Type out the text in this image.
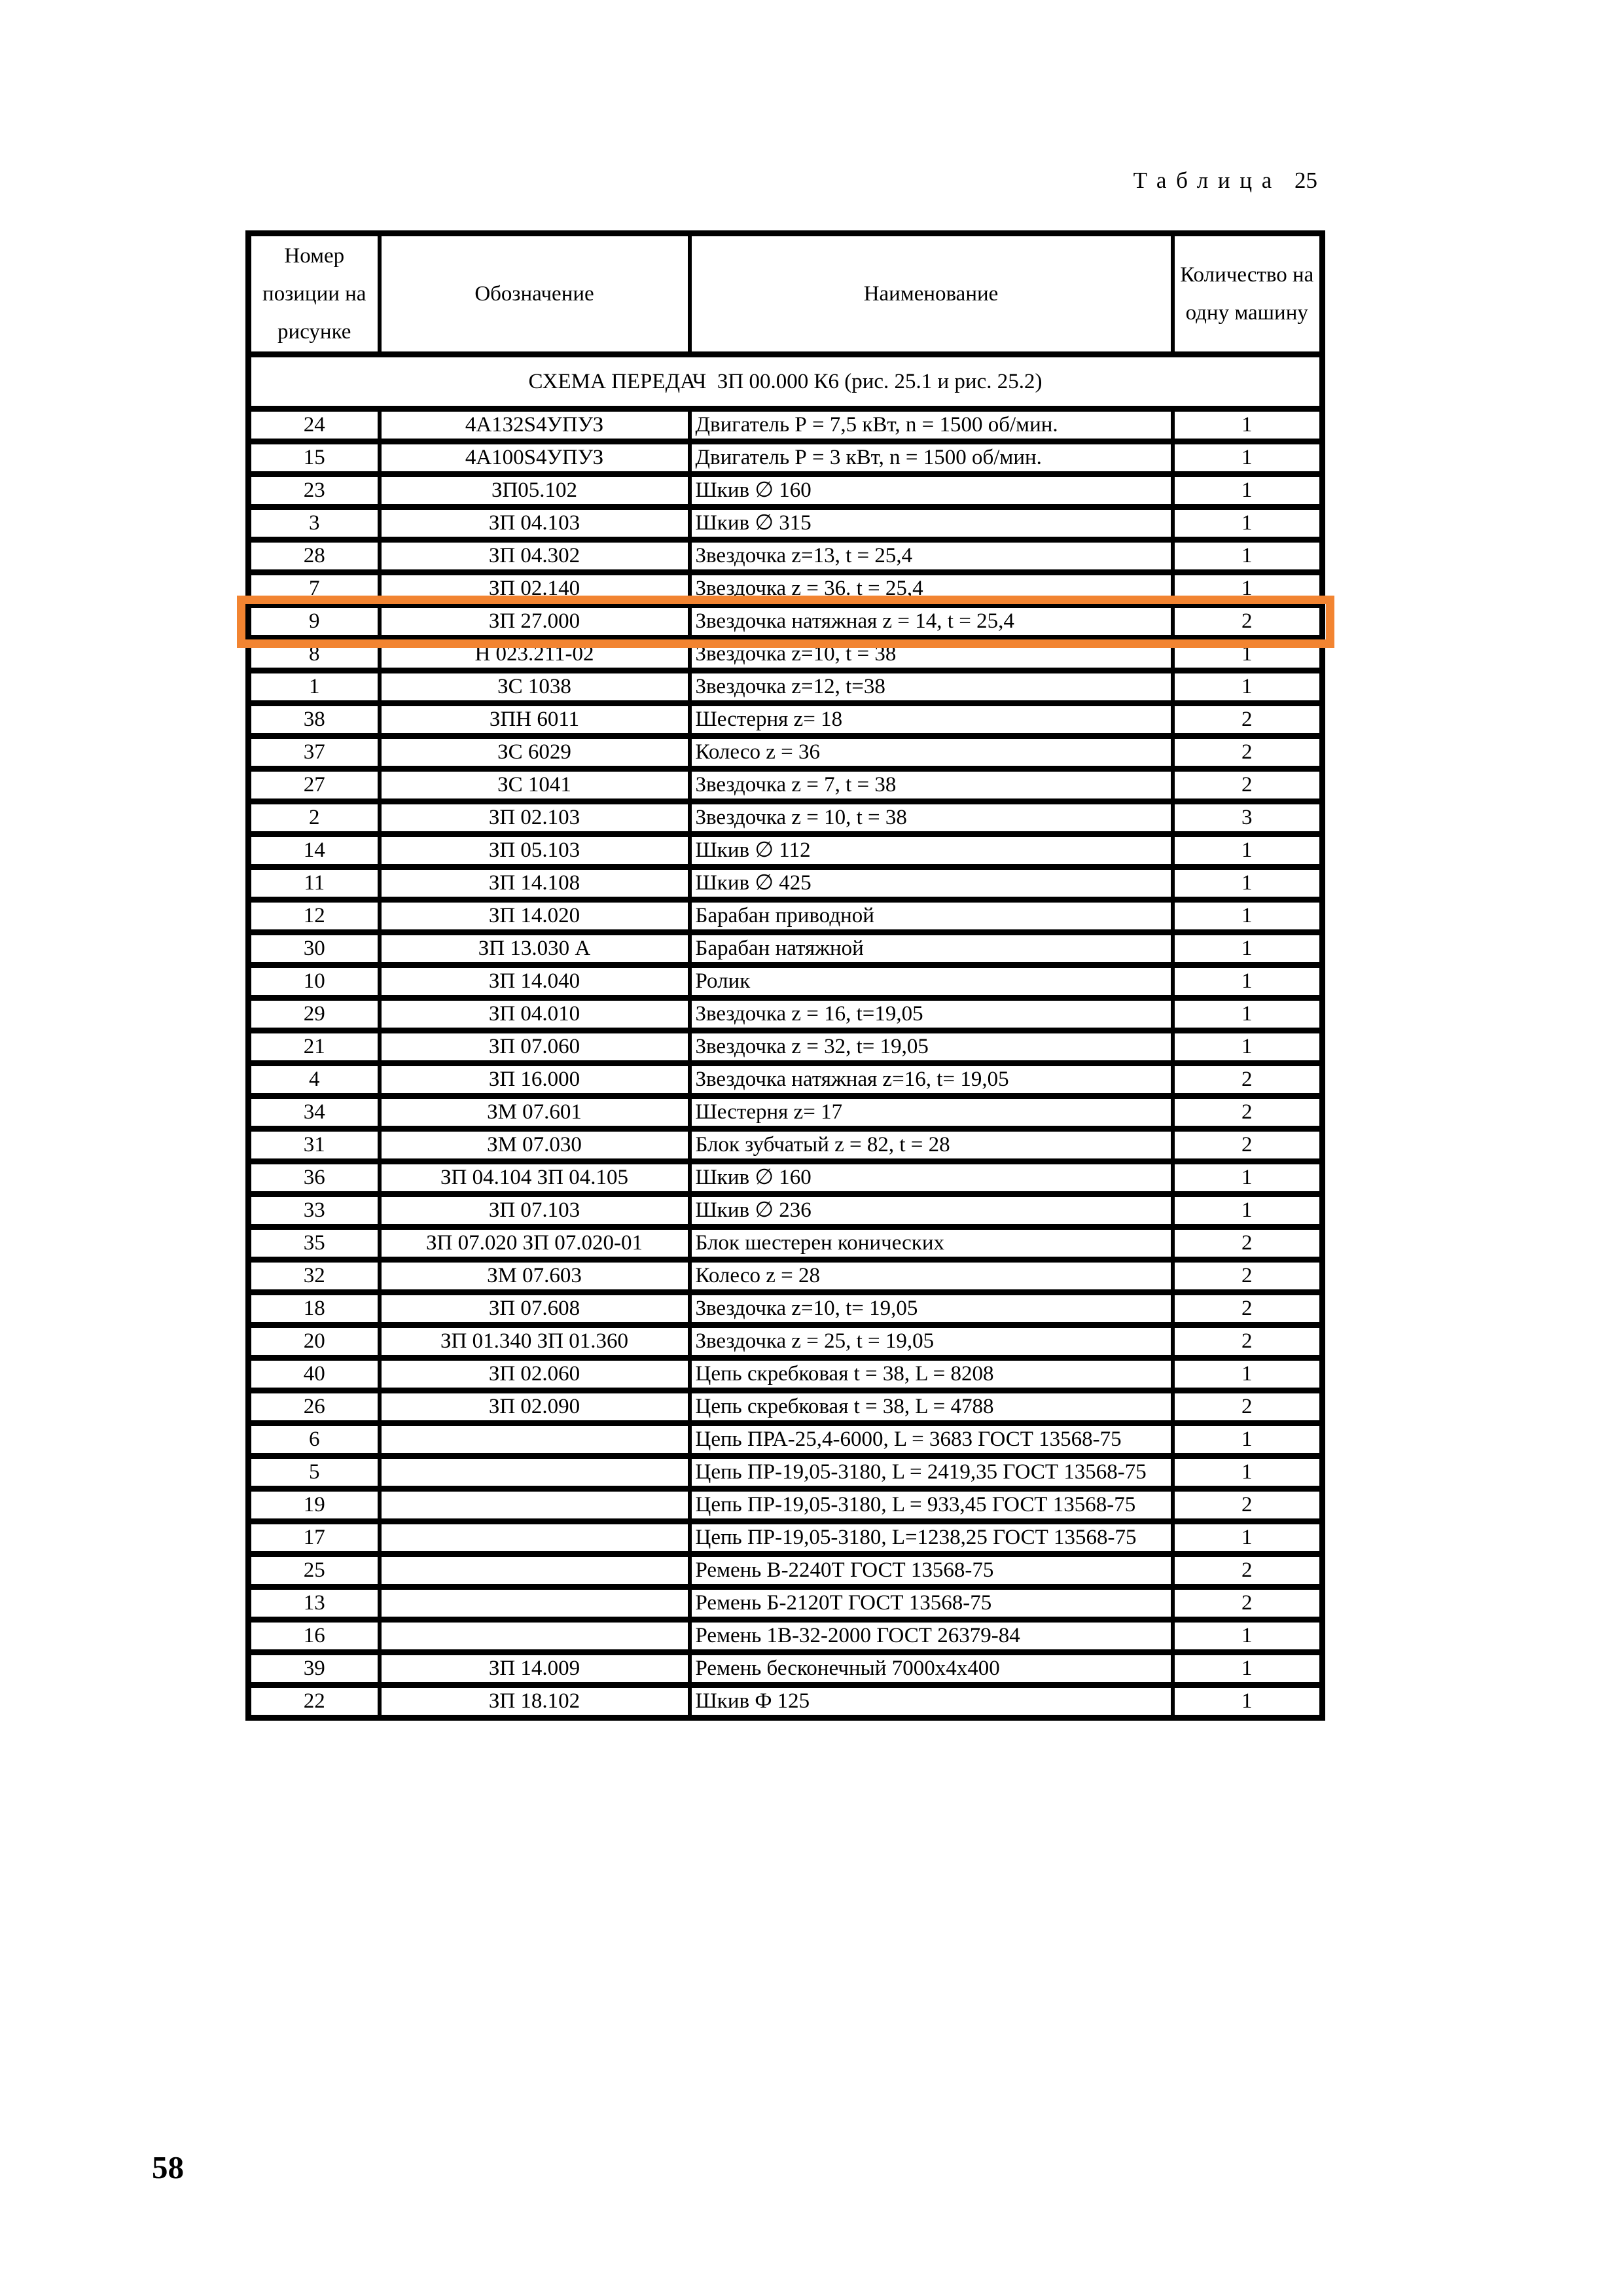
Таблица 25
Номер позиции на рисунке	Обозначение	Наименование	Количество на одну машину
СХЕМА ПЕРЕДАЧ  ЗП 00.000 К6 (рис. 25.1 и рис. 25.2)			
24	4А132S4УПУЗ	Двигатель Р = 7,5 кВт, n = 1500 об/мин.	1
15	4А100S4УПУЗ	Двигатель Р = 3 кВт, n = 1500 об/мин.	1
23	ЗП05.102	Шкив ∅ 160	1
3	ЗП 04.103	Шкив ∅ 315	1
28	ЗП 04.302	Звездочка z=13, t = 25,4	1
7	ЗП 02.140	Звездочка z = 36. t = 25,4	1
9	ЗП 27.000	Звездочка натяжная z = 14, t = 25,4	2
8	Н 023.211-02	Звездочка z=10, t = 38	1
1	ЗС 1038	Звездочка z=12, t=38	1
38	ЗПН 6011	Шестерня z= 18	2
37	ЗС 6029	Колесо z = 36	2
27	ЗС 1041	Звездочка z = 7, t = 38	2
2	ЗП 02.103	Звездочка z = 10, t = 38	3
14	ЗП 05.103	Шкив ∅ 112	1
11	ЗП 14.108	Шкив ∅ 425	1
12	ЗП 14.020	Барабан приводной	1
30	ЗП 13.030 А	Барабан натяжной	1
10	ЗП 14.040	Ролик	1
29	ЗП 04.010	Звездочка z = 16, t=19,05	1
21	ЗП 07.060	Звездочка z = 32, t= 19,05	1
4	ЗП 16.000	Звездочка натяжная z=16, t= 19,05	2
34	ЗМ 07.601	Шестерня z= 17	2
31	ЗМ 07.030	Блок зубчатый z = 82, t = 28	2
36	ЗП 04.104 ЗП 04.105	Шкив ∅ 160	1
33	ЗП 07.103	Шкив ∅ 236	1
35	ЗП 07.020 ЗП 07.020-01	Блок шестерен конических	2
32	ЗМ 07.603	Колесо z = 28	2
18	ЗП 07.608	Звездочка z=10, t= 19,05	2
20	ЗП 01.340 ЗП 01.360	Звездочка z = 25, t = 19,05	2
40	ЗП 02.060	Цепь скребковая t = 38, L = 8208	1
26	ЗП 02.090	Цепь скребковая t = 38, L = 4788	2
6		Цепь ПРА-25,4-6000, L = 3683 ГОСТ 13568-75	1
5		Цепь ПР-19,05-3180, L = 2419,35 ГОСТ 13568-75	1
19		Цепь ПР-19,05-3180, L = 933,45 ГОСТ 13568-75	2
17		Цепь ПР-19,05-3180, L=1238,25 ГОСТ 13568-75	1
25		Ремень В-2240Т ГОСТ 13568-75	2
13		Ремень Б-2120Т ГОСТ 13568-75	2
16		Ремень 1В-32-2000 ГОСТ 26379-84	1
39	ЗП 14.009	Ремень бесконечный 7000х4х400	1
22	ЗП 18.102	Шкив Ф 125	1
58
